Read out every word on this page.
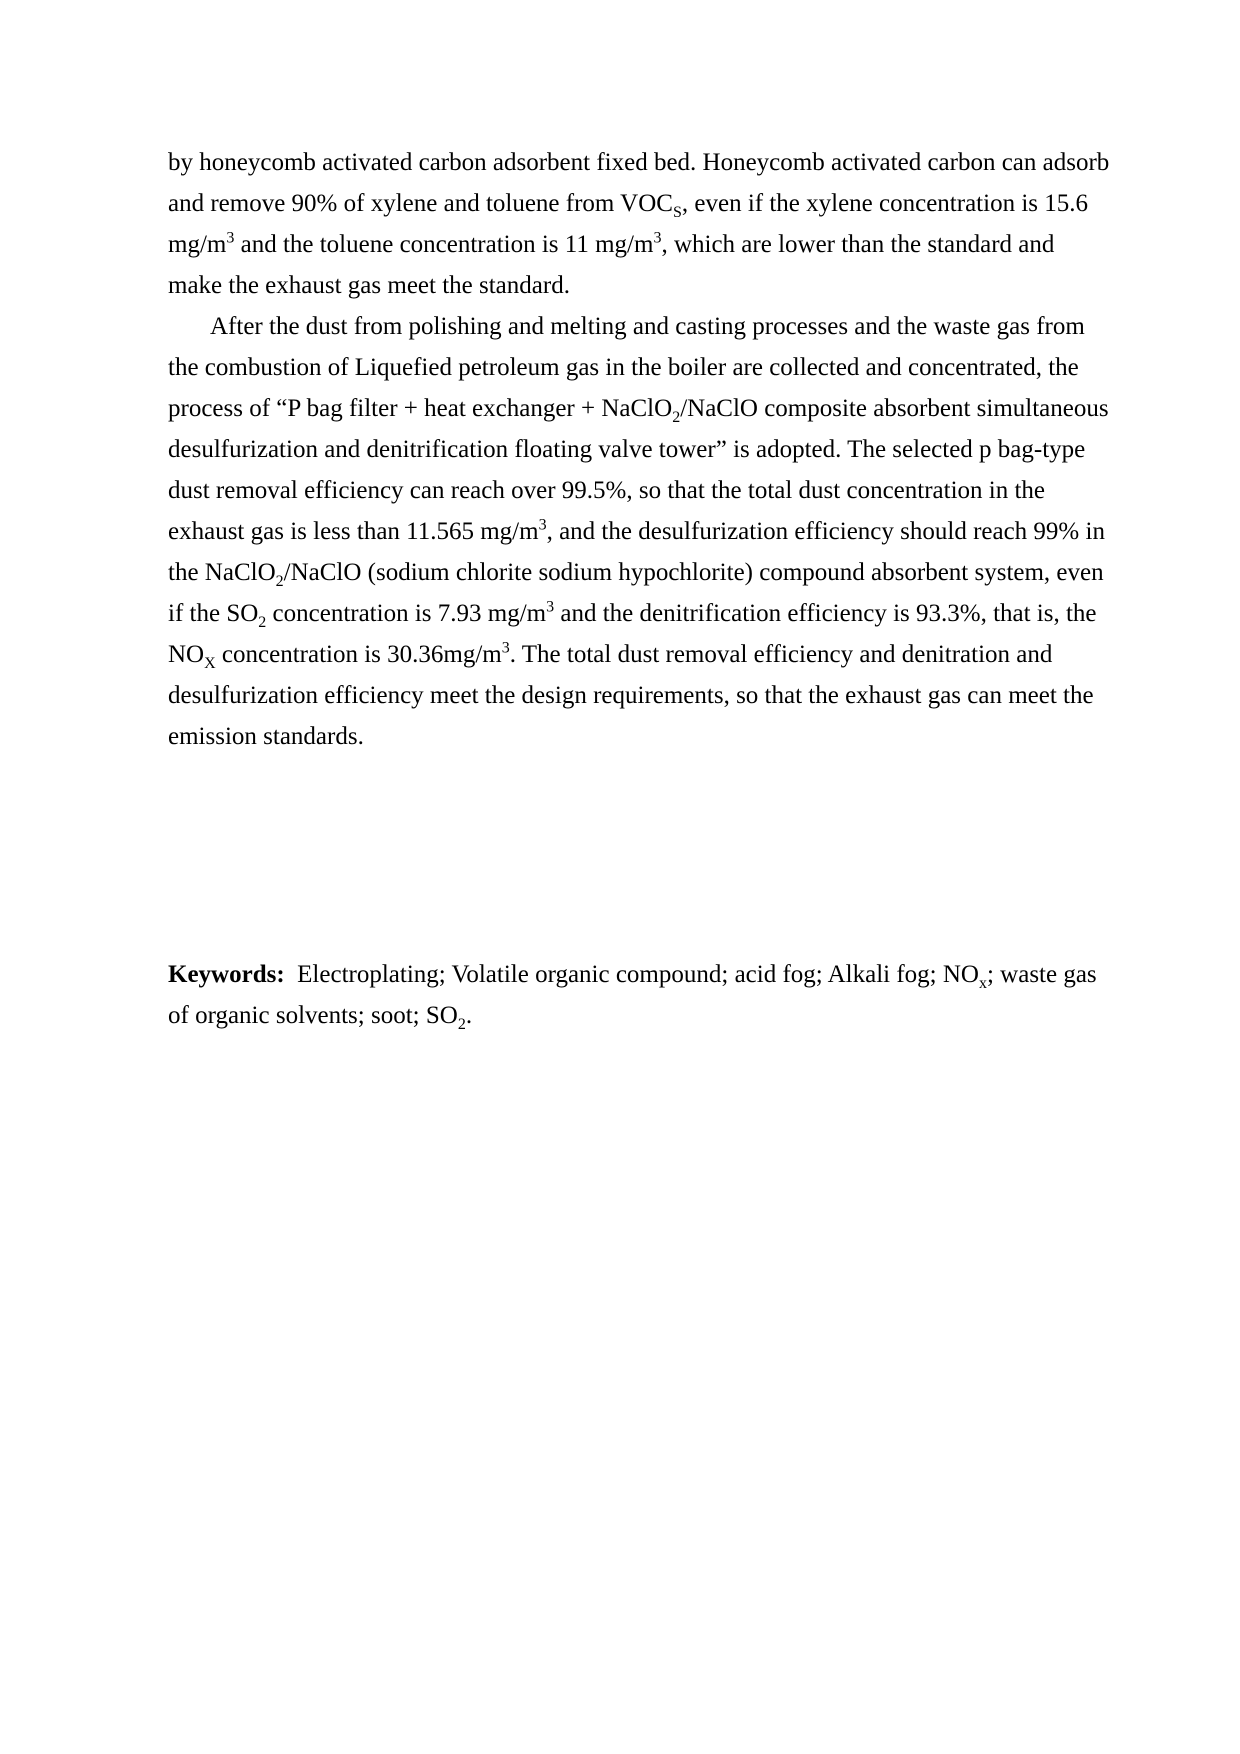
by honeycomb activated carbon adsorbent fixed bed. Honeycomb activated carbon can adsorb
and remove 90% of xylene and toluene from $VOC_S$, even if the xylene concentration is 15.6
$mg/m^3$ and the toluene concentration is 11 $mg/m^3$, which are lower than the standard and
make the exhaust gas meet the standard.
After the dust from polishing and melting and casting processes and the waste gas from
the combustion of Liquefied petroleum gas in the boiler are collected and concentrated, the
process of “P bag filter + heat exchanger + NaClO$_2$/NaClO composite absorbent simultaneous
desulfurization and denitrification floating valve tower” is adopted. The selected p bag-type
dust removal efficiency can reach over 99.5%, so that the total dust concentration in the
exhaust gas is less than 11.565 $mg/m^3$, and the desulfurization efficiency should reach 99% in
the NaClO$_2$/NaClO (sodium chlorite sodium hypochlorite) compound absorbent system, even
if the $SO_2$ concentration is 7.93 $mg/m^3$ and the denitrification efficiency is 93.3%, that is, the
$NO_X$ concentration is $30.36mg/m^3$. The total dust removal efficiency and denitration and
desulfurization efficiency meet the design requirements, so that the exhaust gas can meet the
emission standards.
Keywords:  Electroplating; Volatile organic compound; acid fog; Alkali fog; $NO_x$; waste gas
of organic solvents; soot; $SO_2$.
